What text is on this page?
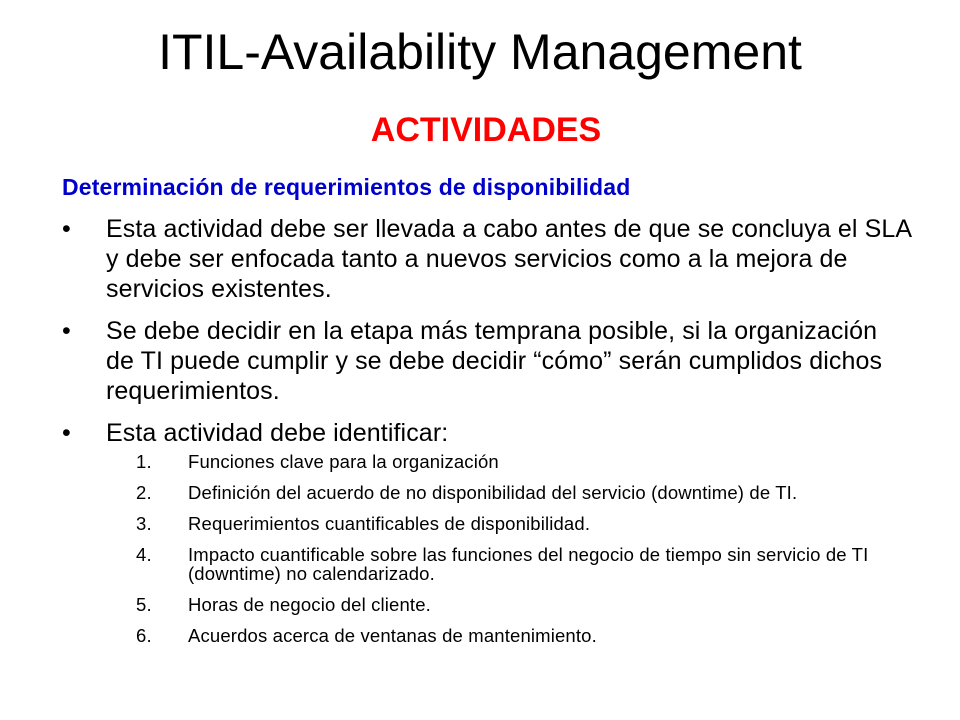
ITIL-Availability Management
ACTIVIDADES
Determinación de requerimientos de disponibilidad
•	Esta actividad debe ser llevada a cabo antes de que se concluya el SLA y debe ser enfocada tanto a nuevos servicios como a la mejora de servicios existentes.
•	Se debe decidir en la etapa más temprana posible, si la organización de TI puede cumplir y se debe decidir “cómo” serán cumplidos dichos requerimientos.
•	Esta actividad debe identificar:
1. Funciones clave para la organización
2. Definición del acuerdo de no disponibilidad del servicio (downtime) de TI.
3. Requerimientos cuantificables de disponibilidad.
4. Impacto cuantificable sobre las funciones del negocio de tiempo sin servicio de TI (downtime) no calendarizado.
5. Horas de negocio del cliente.
6. Acuerdos acerca de ventanas de mantenimiento.
